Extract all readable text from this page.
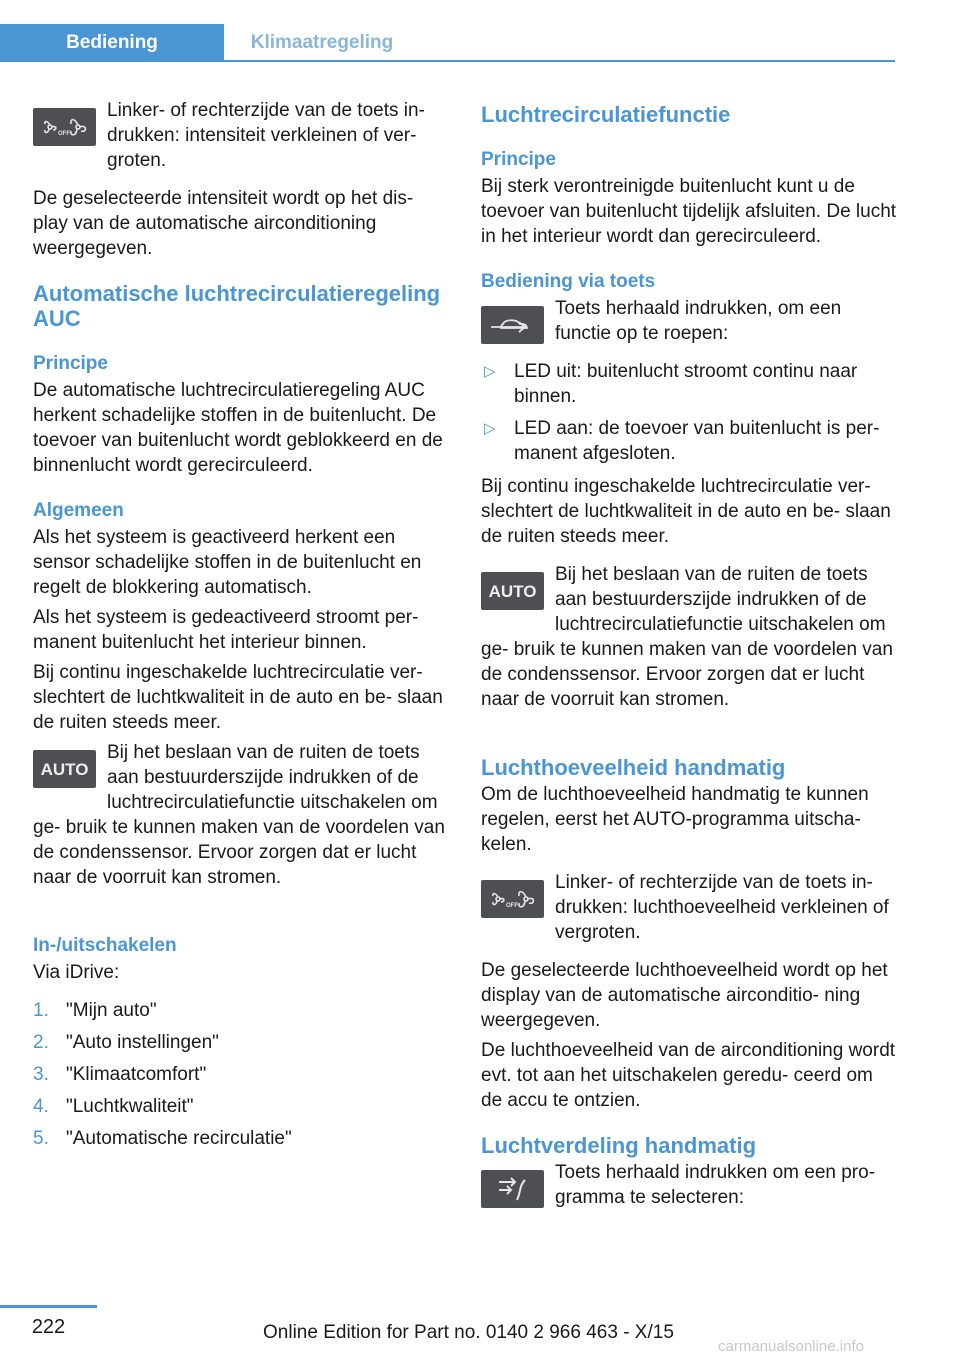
Bediening	Klimaatregeling
OFF

Linker- of rechterzijde van de toets in- drukken: intensiteit verkleinen of ver- groten.

De geselecteerde intensiteit wordt op het dis- play van de automatische airconditioning weergegeven.

Automatische luchtrecirculatieregeling AUC
Principe

De automatische luchtrecirculatieregeling AUC herkent schadelijke stoffen in de buitenlucht. De toevoer van buitenlucht wordt geblokkeerd en de binnenlucht wordt gerecirculeerd.

Algemeen

Als het systeem is geactiveerd herkent een sensor schadelijke stoffen in de buitenlucht en regelt de blokkering automatisch.

Als het systeem is gedeactiveerd stroomt per- manent buitenlucht het interieur binnen.

Bij continu ingeschakelde luchtrecirculatie ver- slechtert de luchtkwaliteit in de auto en be- slaan de ruiten steeds meer.

AUTO

Bij het beslaan van de ruiten de toets aan bestuurderszijde indrukken of de luchtrecirculatiefunctie uitschakelen om ge- bruik te kunnen maken van de voordelen van de condenssensor. Ervoor zorgen dat er lucht naar de voorruit kan stromen.

In-/uitschakelen

Via iDrive:

1. "Mijn auto"
2. "Auto instellingen"
3. "Klimaatcomfort"
4. "Luchtkwaliteit"
5. "Automatische recirculatie"
Luchtrecirculatiefunctie
Principe

Bij sterk verontreinigde buitenlucht kunt u de toevoer van buitenlucht tijdelijk afsluiten. De lucht in het interieur wordt dan gerecirculeerd.

Bediening via toets

Toets herhaald indrukken, om een functie op te roepen:

▷ LED uit: buitenlucht stroomt continu naar binnen.
▷ LED aan: de toevoer van buitenlucht is per- manent afgesloten.

Bij continu ingeschakelde luchtrecirculatie ver- slechtert de luchtkwaliteit in de auto en be- slaan de ruiten steeds meer.

AUTO

Bij het beslaan van de ruiten de toets aan bestuurderszijde indrukken of de luchtrecirculatiefunctie uitschakelen om ge- bruik te kunnen maken van de voordelen van de condenssensor. Ervoor zorgen dat er lucht naar de voorruit kan stromen.

Luchthoeveelheid handmatig

Om de luchthoeveelheid handmatig te kunnen regelen, eerst het AUTO-programma uitscha- kelen.

OFF

Linker- of rechterzijde van de toets in- drukken: luchthoeveelheid verkleinen of vergroten.

De geselecteerde luchthoeveelheid wordt op het display van de automatische airconditio- ning weergegeven.

De luchthoeveelheid van de airconditioning wordt evt. tot aan het uitschakelen geredu- ceerd om de accu te ontzien.

Luchtverdeling handmatig

Toets herhaald indrukken om een pro- gramma te selecteren:

222	Online Edition for Part no. 0140 2 966 463 - X/15
carmanualsonline.info
